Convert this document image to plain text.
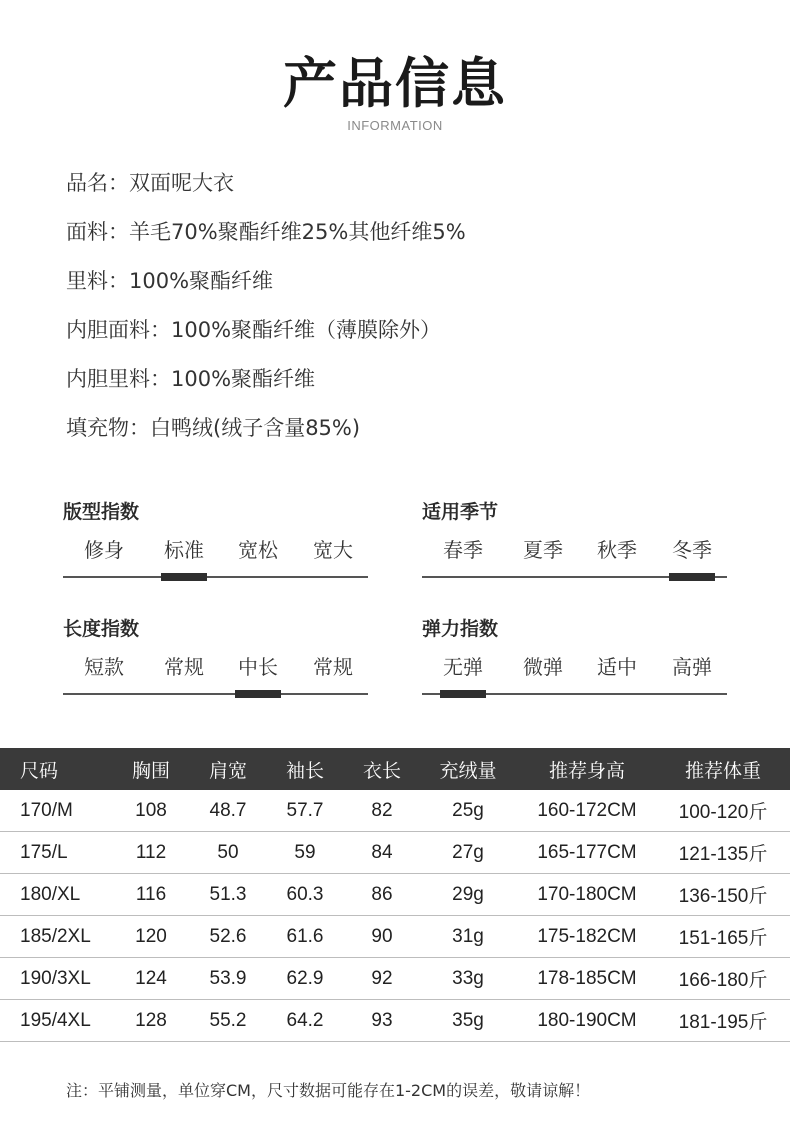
产品信息
INFORMATION
品名：双面呢大衣
面料：羊毛70%聚酯纤维25%其他纤维5%
里料：100%聚酯纤维
内胆面料：100%聚酯纤维（薄膜除外）
内胆里料：100%聚酯纤维
填充物：白鸭绒(绒子含量85%)
版型指数
修身	标准	宽松	宽大
适用季节
春季	夏季	秋季	冬季
长度指数
短款	常规	中长	常规
弹力指数
无弹	微弹	适中	高弹
尺码	胸围	肩宽	袖长	衣长	充绒量	推荐身高	推荐体重
170/M	108	48.7	57.7	82	25g	160-172CM	100-120斤
175/L	112	50	59	84	27g	165-177CM	121-135斤
180/XL	116	51.3	60.3	86	29g	170-180CM	136-150斤
185/2XL	120	52.6	61.6	90	31g	175-182CM	151-165斤
190/3XL	124	53.9	62.9	92	33g	178-185CM	166-180斤
195/4XL	128	55.2	64.2	93	35g	180-190CM	181-195斤
注：平铺测量，单位穿CM，尺寸数据可能存在1-2CM的误差，敬请谅解！
